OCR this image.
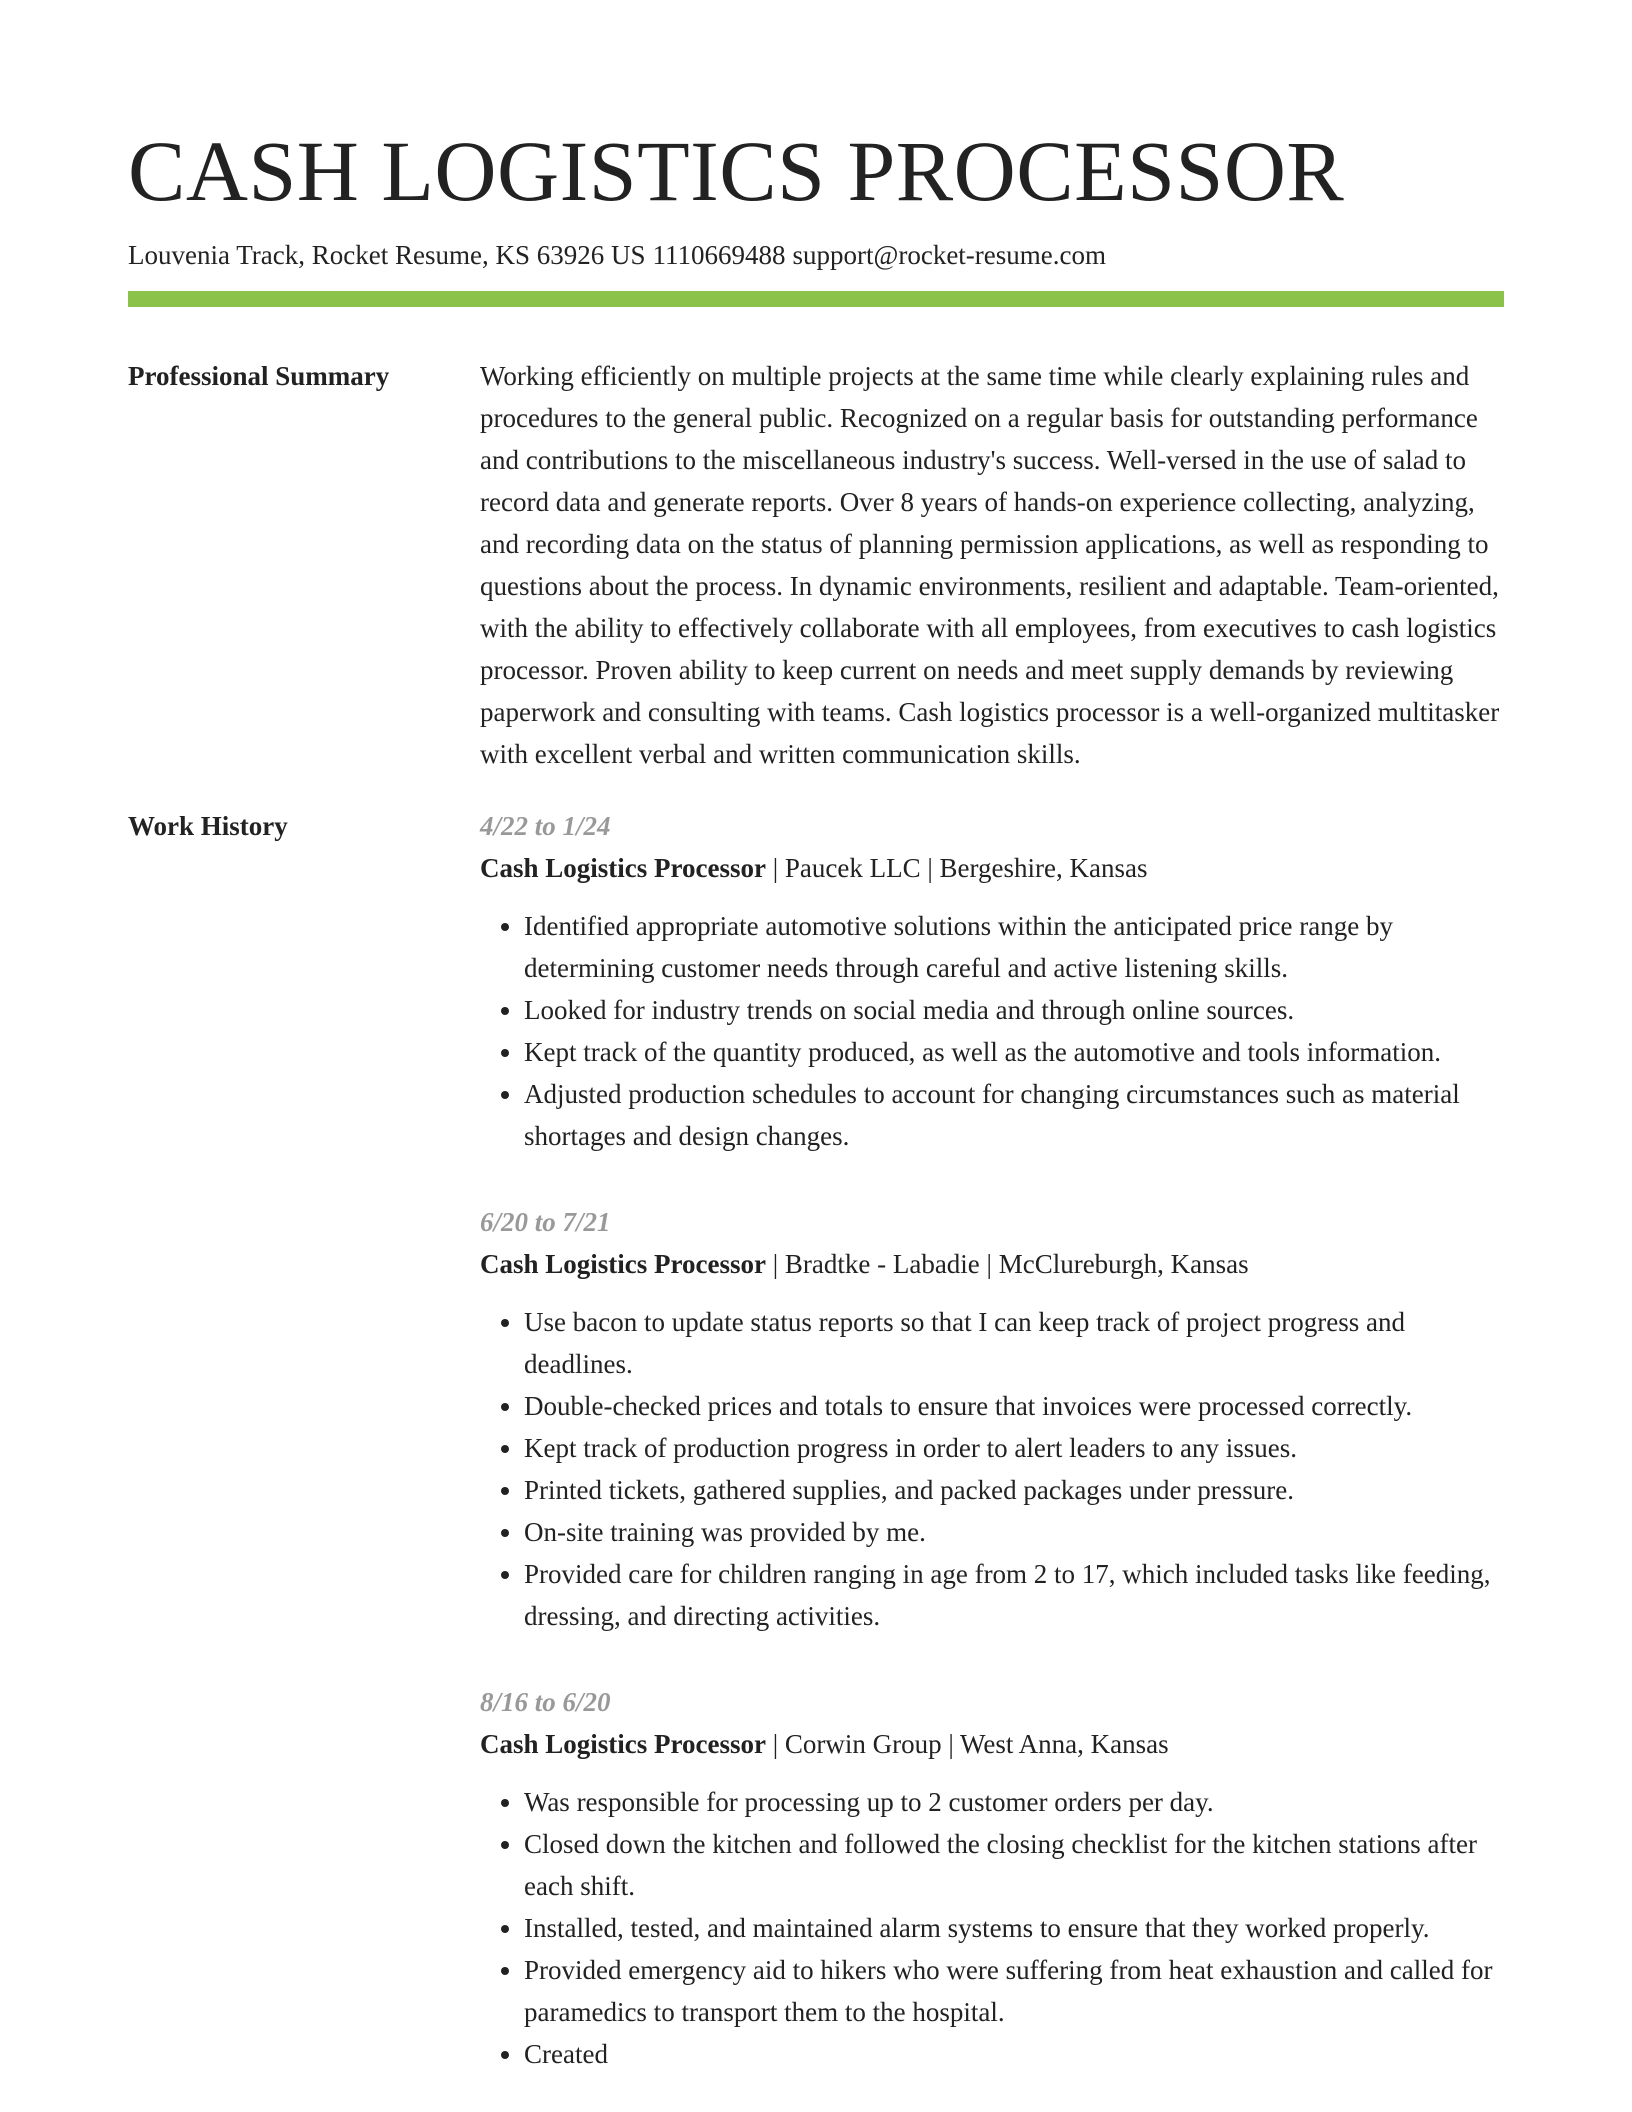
CASH LOGISTICS PROCESSOR
Louvenia Track, Rocket Resume, KS 63926 US 1110669488 support@rocket-resume.com
Professional Summary	Working efficiently on multiple projects at the same time while clearly explaining rules and procedures to the general public. Recognized on a regular basis for outstanding performance and contributions to the miscellaneous industry's success. Well-versed in the use of salad to record data and generate reports. Over 8 years of hands-on experience collecting, analyzing, and recording data on the status of planning permission applications, as well as responding to questions about the process. In dynamic environments, resilient and adaptable. Team-oriented, with the ability to effectively collaborate with all employees, from executives to cash logistics processor. Proven ability to keep current on needs and meet supply demands by reviewing paperwork and consulting with teams. Cash logistics processor is a well-organized multitasker with excellent verbal and written communication skills.

Work History	4/22 to 1/24
Cash Logistics Processor | Paucek LLC | Bergeshire, Kansas
• Identified appropriate automotive solutions within the anticipated price range by determining customer needs through careful and active listening skills.
• Looked for industry trends on social media and through online sources.
• Kept track of the quantity produced, as well as the automotive and tools information.
• Adjusted production schedules to account for changing circumstances such as material shortages and design changes.
6/20 to 7/21
Cash Logistics Processor | Bradtke - Labadie | McClureburgh, Kansas
• Use bacon to update status reports so that I can keep track of project progress and deadlines.
• Double-checked prices and totals to ensure that invoices were processed correctly.
• Kept track of production progress in order to alert leaders to any issues.
• Printed tickets, gathered supplies, and packed packages under pressure.
• On-site training was provided by me.
• Provided care for children ranging in age from 2 to 17, which included tasks like feeding, dressing, and directing activities.
8/16 to 6/20
Cash Logistics Processor | Corwin Group | West Anna, Kansas
• Was responsible for processing up to 2 customer orders per day.
• Closed down the kitchen and followed the closing checklist for the kitchen stations after each shift.
• Installed, tested, and maintained alarm systems to ensure that they worked properly.
• Provided emergency aid to hikers who were suffering from heat exhaustion and called for paramedics to transport them to the hospital.
• Created
